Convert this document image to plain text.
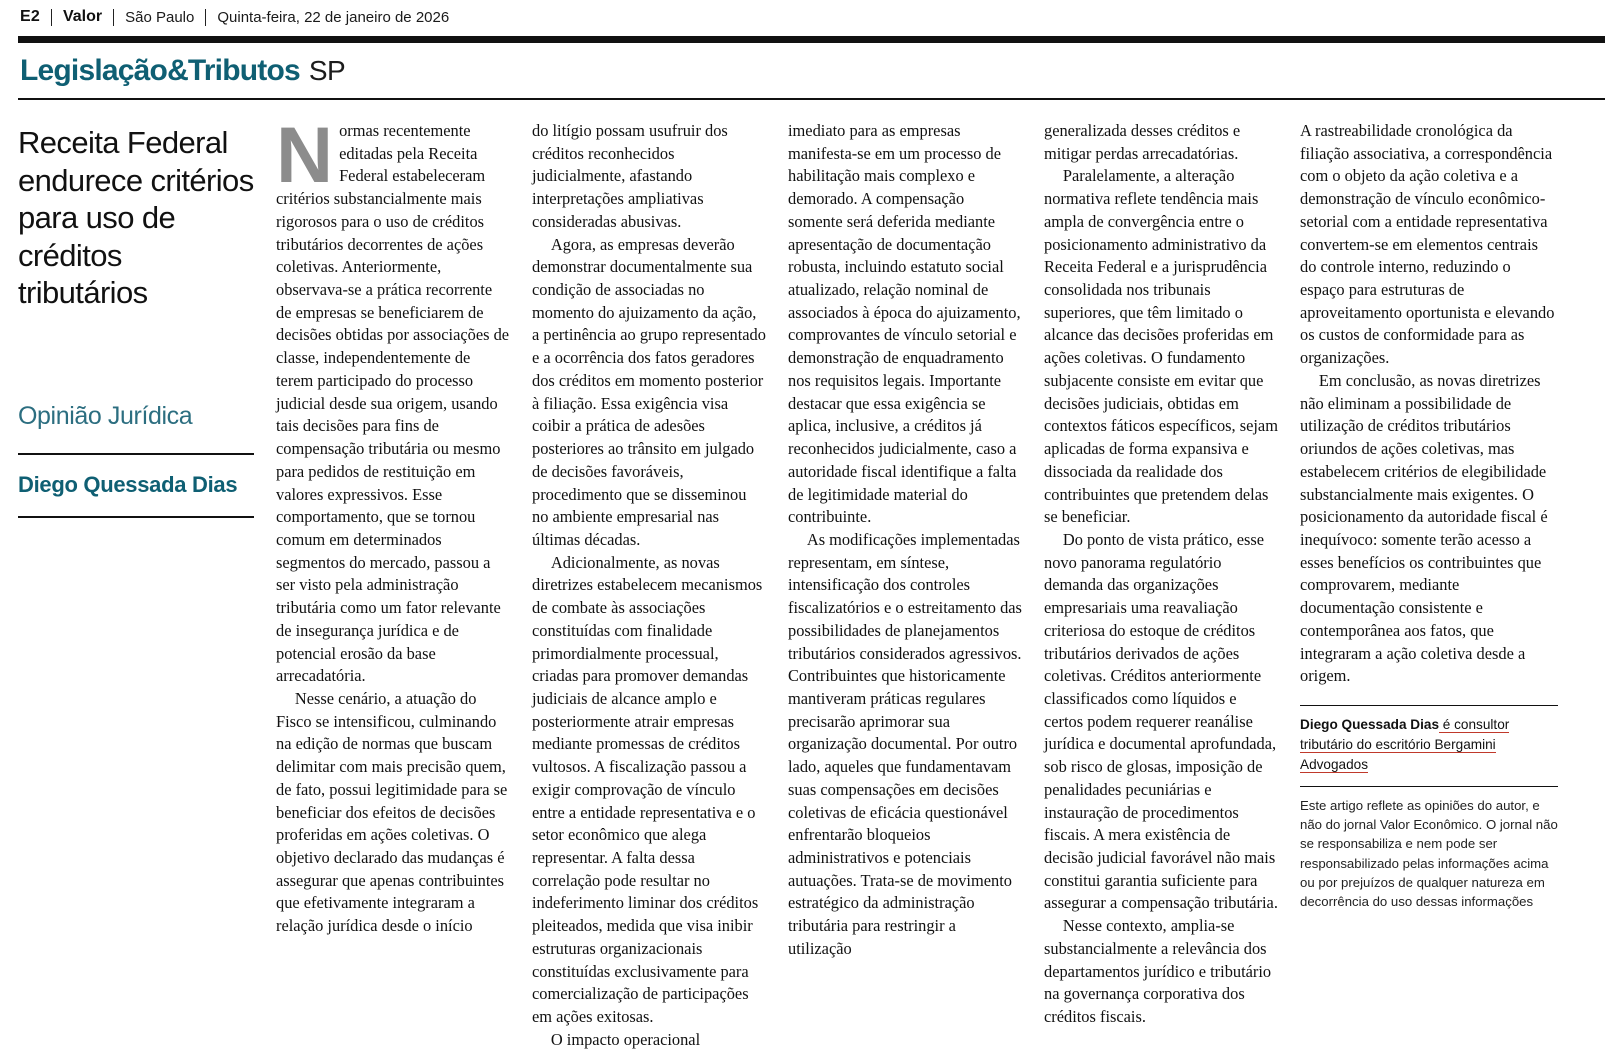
E2 Valor São Paulo Quinta-feira, 22 de janeiro de 2026
Legislação&Tributos SP
Receita Federal endurece critérios para uso de créditos tributários
Opinião Jurídica
Diego Quessada Dias

Normas recentemente editadas pela Receita Federal estabeleceram critérios substancialmente mais rigorosos para o uso de créditos tributários decorrentes de ações coletivas. Anteriormente, observava-se a prática recorrente de empresas se beneficiarem de decisões obtidas por associações de classe, independentemente de terem participado do processo judicial desde sua origem, usando tais decisões para fins de compensação tributária ou mesmo para pedidos de restituição em valores expressivos. Esse comportamento, que se tornou comum em determinados segmentos do mercado, passou a ser visto pela administração tributária como um fator relevante de insegurança jurídica e de potencial erosão da base arrecadatória.

Nesse cenário, a atuação do Fisco se intensificou, culminando na edição de normas que buscam delimitar com mais precisão quem, de fato, possui legitimidade para se beneficiar dos efeitos de decisões proferidas em ações coletivas. O objetivo declarado das mudanças é assegurar que apenas contribuintes que efetivamente integraram a relação jurídica desde o início

do litígio possam usufruir dos créditos reconhecidos judicialmente, afastando interpretações ampliativas consideradas abusivas.

Agora, as empresas deverão demonstrar documentalmente sua condição de associadas no momento do ajuizamento da ação, a pertinência ao grupo representado e a ocorrência dos fatos geradores dos créditos em momento posterior à filiação. Essa exigência visa coibir a prática de adesões posteriores ao trânsito em julgado de decisões favoráveis, procedimento que se disseminou no ambiente empresarial nas últimas décadas.

Adicionalmente, as novas diretrizes estabelecem mecanismos de combate às associações constituídas com finalidade primordialmente processual, criadas para promover demandas judiciais de alcance amplo e posteriormente atrair empresas mediante promessas de créditos vultosos. A fiscalização passou a exigir comprovação de vínculo entre a entidade representativa e o setor econômico que alega representar. A falta dessa correlação pode resultar no indeferimento liminar dos créditos pleiteados, medida que visa inibir estruturas organizacionais constituídas exclusivamente para comercialização de participações em ações exitosas.

O impacto operacional

imediato para as empresas manifesta-se em um processo de habilitação mais complexo e demorado. A compensação somente será deferida mediante apresentação de documentação robusta, incluindo estatuto social atualizado, relação nominal de associados à época do ajuizamento, comprovantes de vínculo setorial e demonstração de enquadramento nos requisitos legais. Importante destacar que essa exigência se aplica, inclusive, a créditos já reconhecidos judicialmente, caso a autoridade fiscal identifique a falta de legitimidade material do contribuinte.

As modificações implementadas representam, em síntese, intensificação dos controles fiscalizatórios e o estreitamento das possibilidades de planejamentos tributários considerados agressivos. Contribuintes que historicamente mantiveram práticas regulares precisarão aprimorar sua organização documental. Por outro lado, aqueles que fundamentavam suas compensações em decisões coletivas de eficácia questionável enfrentarão bloqueios administrativos e potenciais autuações. Trata-se de movimento estratégico da administração tributária para restringir a utilização

generalizada desses créditos e mitigar perdas arrecadatórias.

Paralelamente, a alteração normativa reflete tendência mais ampla de convergência entre o posicionamento administrativo da Receita Federal e a jurisprudência consolidada nos tribunais superiores, que têm limitado o alcance das decisões proferidas em ações coletivas. O fundamento subjacente consiste em evitar que decisões judiciais, obtidas em contextos fáticos específicos, sejam aplicadas de forma expansiva e dissociada da realidade dos contribuintes que pretendem delas se beneficiar.

Do ponto de vista prático, esse novo panorama regulatório demanda das organizações empresariais uma reavaliação criteriosa do estoque de créditos tributários derivados de ações coletivas. Créditos anteriormente classificados como líquidos e certos podem requerer reanálise jurídica e documental aprofundada, sob risco de glosas, imposição de penalidades pecuniárias e instauração de procedimentos fiscais. A mera existência de decisão judicial favorável não mais constitui garantia suficiente para assegurar a compensação tributária.

Nesse contexto, amplia-se substancialmente a relevância dos departamentos jurídico e tributário na governança corporativa dos créditos fiscais.

A rastreabilidade cronológica da filiação associativa, a correspondência com o objeto da ação coletiva e a demonstração de vínculo econômico-setorial com a entidade representativa convertem-se em elementos centrais do controle interno, reduzindo o espaço para estruturas de aproveitamento oportunista e elevando os custos de conformidade para as organizações.

Em conclusão, as novas diretrizes não eliminam a possibilidade de utilização de créditos tributários oriundos de ações coletivas, mas estabelecem critérios de elegibilidade substancialmente mais exigentes. O posicionamento da autoridade fiscal é inequívoco: somente terão acesso a esses benefícios os contribuintes que comprovarem, mediante documentação consistente e contemporânea aos fatos, que integraram a ação coletiva desde a origem.

Diego Quessada Dias é consultor tributário do escritório Bergamini Advogados
Este artigo reflete as opiniões do autor, e não do jornal Valor Econômico. O jornal não se responsabiliza e nem pode ser responsabilizado pelas informações acima ou por prejuízos de qualquer natureza em decorrência do uso dessas informações
